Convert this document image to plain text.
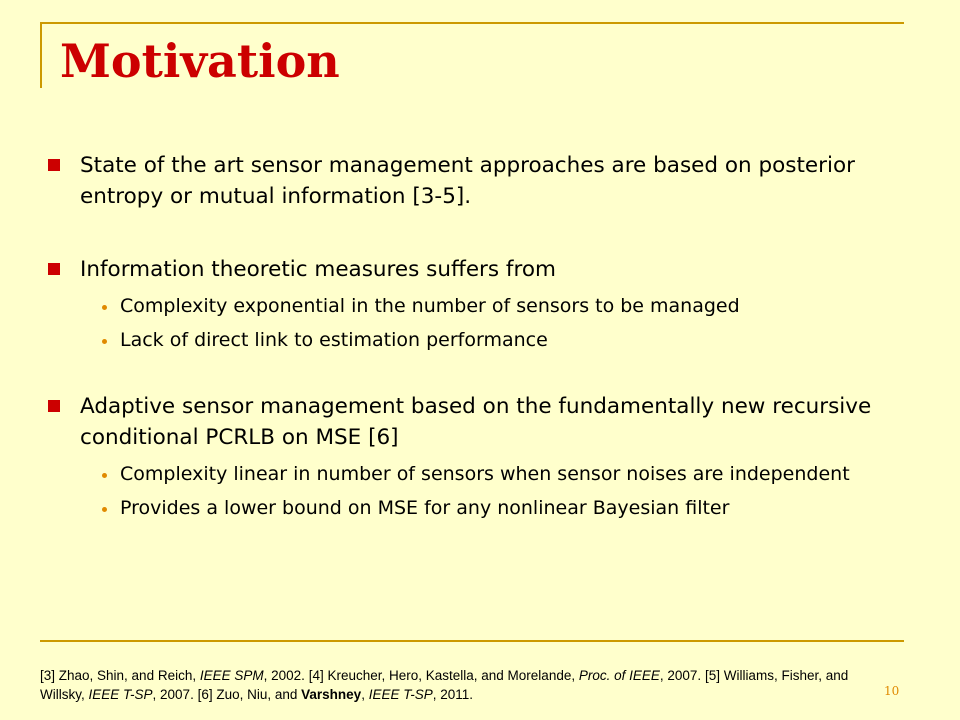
Motivation
State of the art sensor management approaches are based on posterior entropy or mutual information [3-5].
Information theoretic measures suffers from
Complexity exponential in the number of sensors to be managed
Lack of direct link to estimation performance
Adaptive sensor management based on the fundamentally new recursive conditional PCRLB on MSE [6]
Complexity linear in number of sensors when sensor noises are independent
Provides a lower bound on MSE for any nonlinear Bayesian filter
[3] Zhao, Shin, and Reich, IEEE SPM, 2002. [4] Kreucher, Hero, Kastella, and Morelande, Proc. of IEEE, 2007. [5] Williams, Fisher, and Willsky, IEEE T-SP, 2007. [6] Zuo, Niu, and Varshney, IEEE T-SP, 2011.	10
